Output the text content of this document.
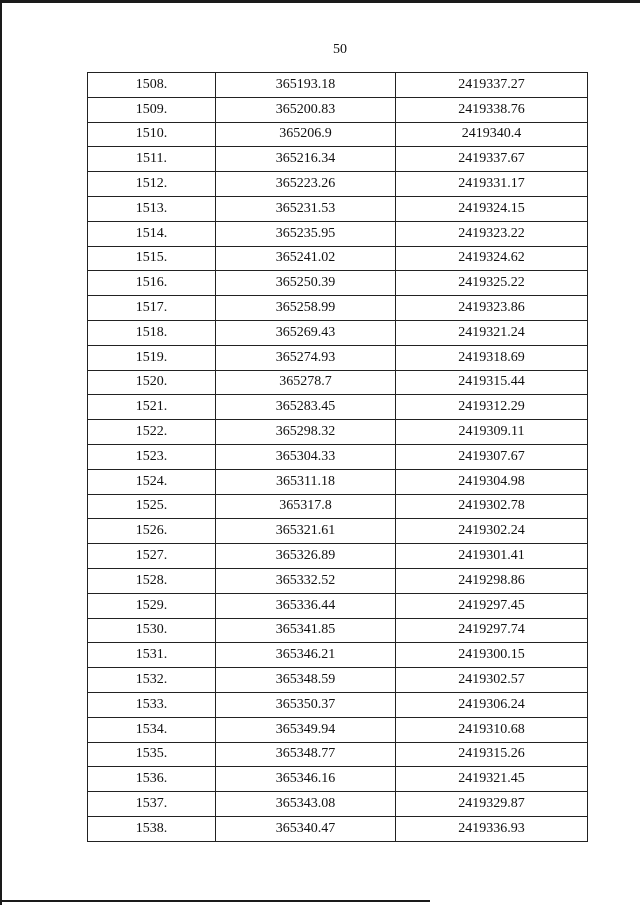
50
1508.	365193.18	2419337.27
1509.	365200.83	2419338.76
1510.	365206.9	2419340.4
1511.	365216.34	2419337.67
1512.	365223.26	2419331.17
1513.	365231.53	2419324.15
1514.	365235.95	2419323.22
1515.	365241.02	2419324.62
1516.	365250.39	2419325.22
1517.	365258.99	2419323.86
1518.	365269.43	2419321.24
1519.	365274.93	2419318.69
1520.	365278.7	2419315.44
1521.	365283.45	2419312.29
1522.	365298.32	2419309.11
1523.	365304.33	2419307.67
1524.	365311.18	2419304.98
1525.	365317.8	2419302.78
1526.	365321.61	2419302.24
1527.	365326.89	2419301.41
1528.	365332.52	2419298.86
1529.	365336.44	2419297.45
1530.	365341.85	2419297.74
1531.	365346.21	2419300.15
1532.	365348.59	2419302.57
1533.	365350.37	2419306.24
1534.	365349.94	2419310.68
1535.	365348.77	2419315.26
1536.	365346.16	2419321.45
1537.	365343.08	2419329.87
1538.	365340.47	2419336.93
